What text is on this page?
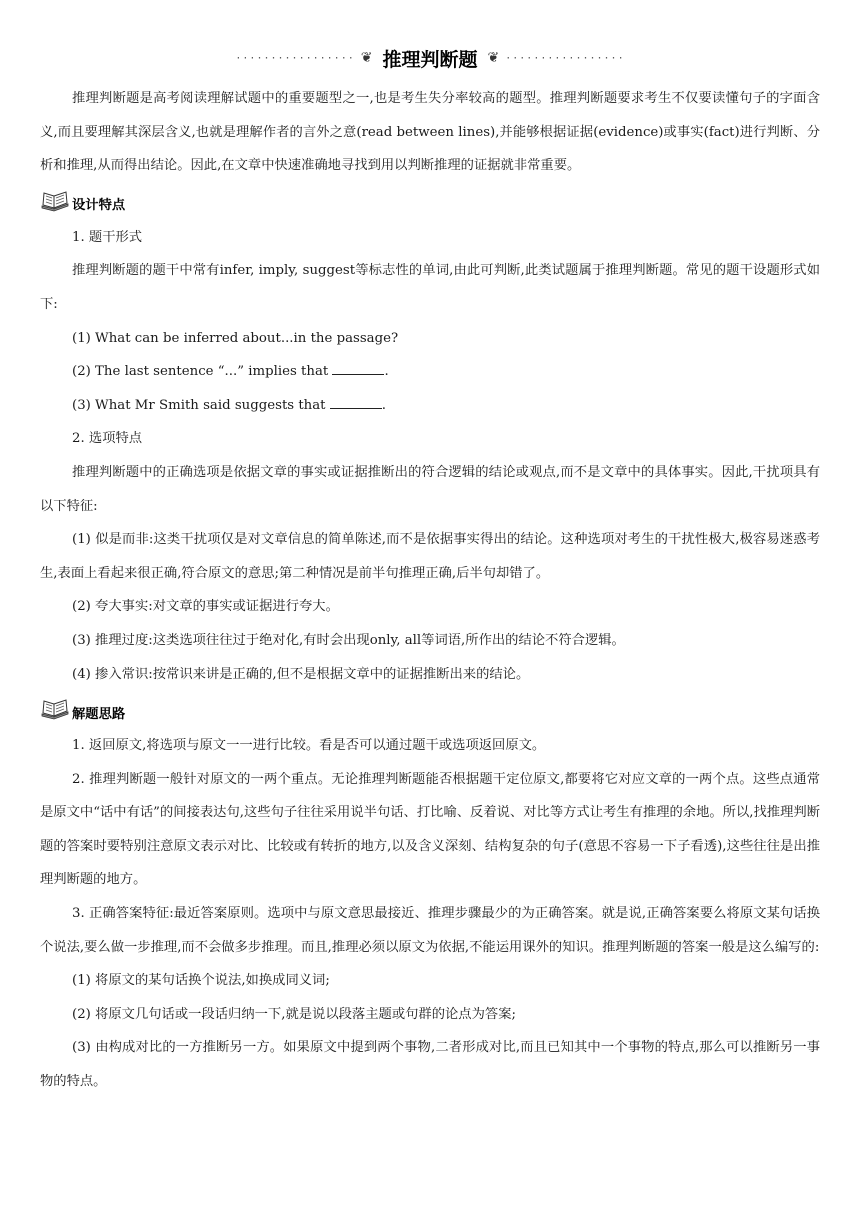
················· ❦ 推理判断题 ❦ ·················

推理判断题是高考阅读理解试题中的重要题型之一,也是考生失分率较高的题型。推理判断题要求考生不仅要读懂句子的字面含义,而且要理解其深层含义,也就是理解作者的言外之意(read between lines),并能够根据证据(evidence)或事实(fact)进行判断、分析和推理,从而得出结论。因此,在文章中快速准确地寻找到用以判断推理的证据就非常重要。

设计特点

1. 题干形式

推理判断题的题干中常有infer, imply, suggest等标志性的单词,由此可判断,此类试题属于推理判断题。常见的题干设题形式如下:

(1) What can be inferred about...in the passage?

(2) The last sentence “...” implies that	.

(3) What Mr Smith said suggests that	.

2. 选项特点

推理判断题中的正确选项是依据文章的事实或证据推断出的符合逻辑的结论或观点,而不是文章中的具体事实。因此,干扰项具有以下特征:

(1) 似是而非:这类干扰项仅是对文章信息的简单陈述,而不是依据事实得出的结论。这种选项对考生的干扰性极大,极容易迷惑考生,表面上看起来很正确,符合原文的意思;第二种情况是前半句推理正确,后半句却错了。

(2) 夸大事实:对文章的事实或证据进行夸大。

(3) 推理过度:这类选项往往过于绝对化,有时会出现only, all等词语,所作出的结论不符合逻辑。

(4) 掺入常识:按常识来讲是正确的,但不是根据文章中的证据推断出来的结论。

解题思路

1. 返回原文,将选项与原文一一进行比较。看是否可以通过题干或选项返回原文。

2. 推理判断题一般针对原文的一两个重点。无论推理判断题能否根据题干定位原文,都要将它对应文章的一两个点。这些点通常是原文中“话中有话”的间接表达句,这些句子往往采用说半句话、打比喻、反着说、对比等方式让考生有推理的余地。所以,找推理判断题的答案时要特别注意原文表示对比、比较或有转折的地方,以及含义深刻、结构复杂的句子(意思不容易一下子看透),这些往往是出推理判断题的地方。

3. 正确答案特征:最近答案原则。选项中与原文意思最接近、推理步骤最少的为正确答案。就是说,正确答案要么将原文某句话换个说法,要么做一步推理,而不会做多步推理。而且,推理必须以原文为依据,不能运用课外的知识。推理判断题的答案一般是这么编写的:

(1) 将原文的某句话换个说法,如换成同义词;

(2) 将原文几句话或一段话归纳一下,就是说以段落主题或句群的论点为答案;

(3) 由构成对比的一方推断另一方。如果原文中提到两个事物,二者形成对比,而且已知其中一个事物的特点,那么可以推断另一事物的特点。
